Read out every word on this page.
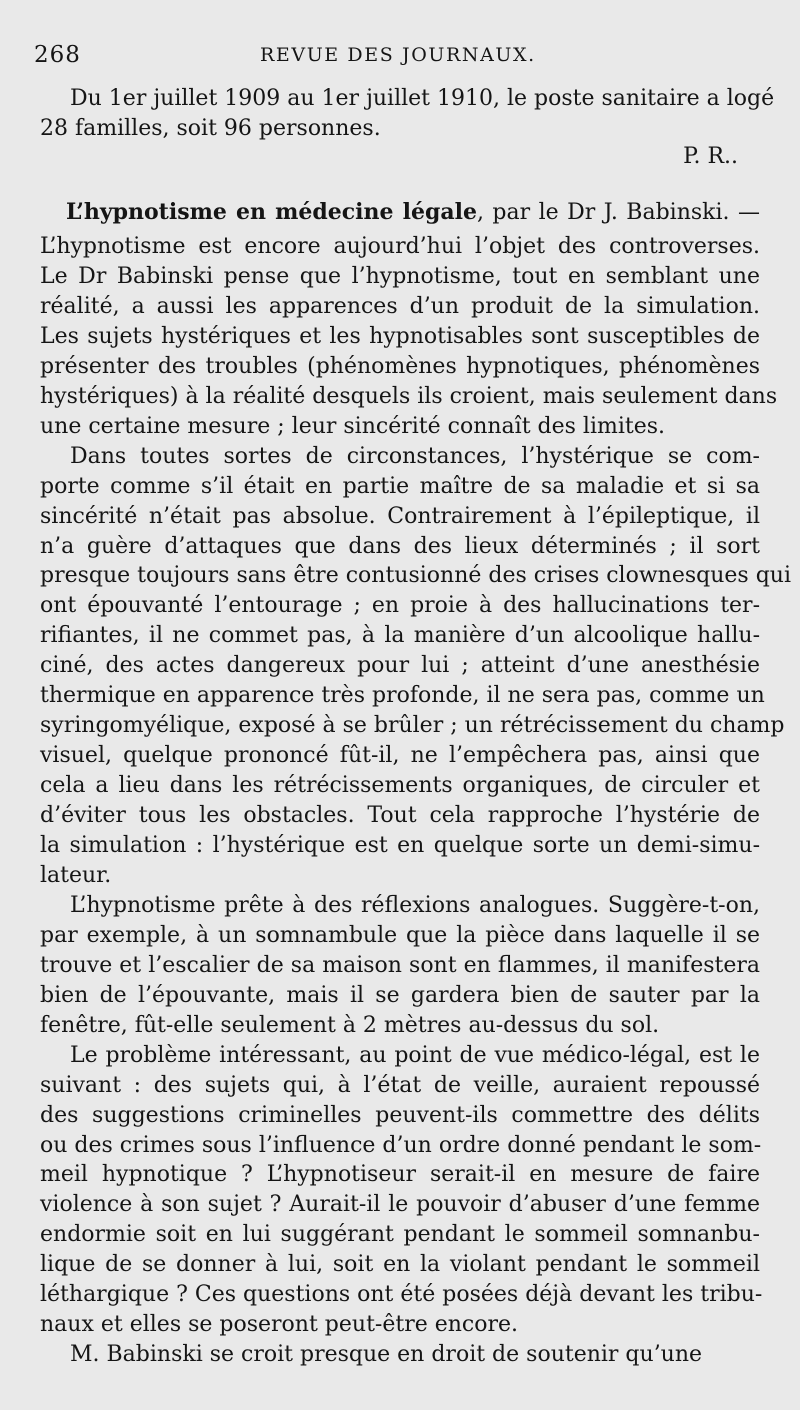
268	REVUE DES JOURNAUX.
Du 1er juillet 1909 au 1er juillet 1910, le poste sanitaire a logé
28 familles, soit 96 personnes.
P. R..
L’hypnotisme en médecine légale, par le Dr J. Babinski. —
L’hypnotisme est encore aujourd’hui l’objet des controverses.
Le Dr Babinski pense que l’hypnotisme, tout en semblant une
réalité, a aussi les apparences d’un produit de la simulation.
Les sujets hystériques et les hypnotisables sont susceptibles de
présenter des troubles (phénomènes hypnotiques, phénomènes
hystériques) à la réalité desquels ils croient, mais seulement dans
une certaine mesure ; leur sincérité connaît des limites.
Dans toutes sortes de circonstances, l’hystérique se com-
porte comme s’il était en partie maître de sa maladie et si sa
sincérité n’était pas absolue. Contrairement à l’épileptique, il
n’a guère d’attaques que dans des lieux déterminés ; il sort
presque toujours sans être contusionné des crises clownesques qui
ont épouvanté l’entourage ; en proie à des hallucinations ter-
rifiantes, il ne commet pas, à la manière d’un alcoolique hallu-
ciné, des actes dangereux pour lui ; atteint d’une anesthésie
thermique en apparence très profonde, il ne sera pas, comme un
syringomyélique, exposé à se brûler ; un rétrécissement du champ
visuel, quelque prononcé fût-il, ne l’empêchera pas, ainsi que
cela a lieu dans les rétrécissements organiques, de circuler et
d’éviter tous les obstacles. Tout cela rapproche l’hystérie de
la simulation : l’hystérique est en quelque sorte un demi-simu-
lateur.
L’hypnotisme prête à des réflexions analogues. Suggère-t-on,
par exemple, à un somnambule que la pièce dans laquelle il se
trouve et l’escalier de sa maison sont en flammes, il manifestera
bien de l’épouvante, mais il se gardera bien de sauter par la
fenêtre, fût-elle seulement à 2 mètres au-dessus du sol.
Le problème intéressant, au point de vue médico-légal, est le
suivant : des sujets qui, à l’état de veille, auraient repoussé
des suggestions criminelles peuvent-ils commettre des délits
ou des crimes sous l’influence d’un ordre donné pendant le som-
meil hypnotique ? L’hypnotiseur serait-il en mesure de faire
violence à son sujet ? Aurait-il le pouvoir d’abuser d’une femme
endormie soit en lui suggérant pendant le sommeil somnanbu-
lique de se donner à lui, soit en la violant pendant le sommeil
léthargique ? Ces questions ont été posées déjà devant les tribu-
naux et elles se poseront peut-être encore.
M. Babinski se croit presque en droit de soutenir qu’une
